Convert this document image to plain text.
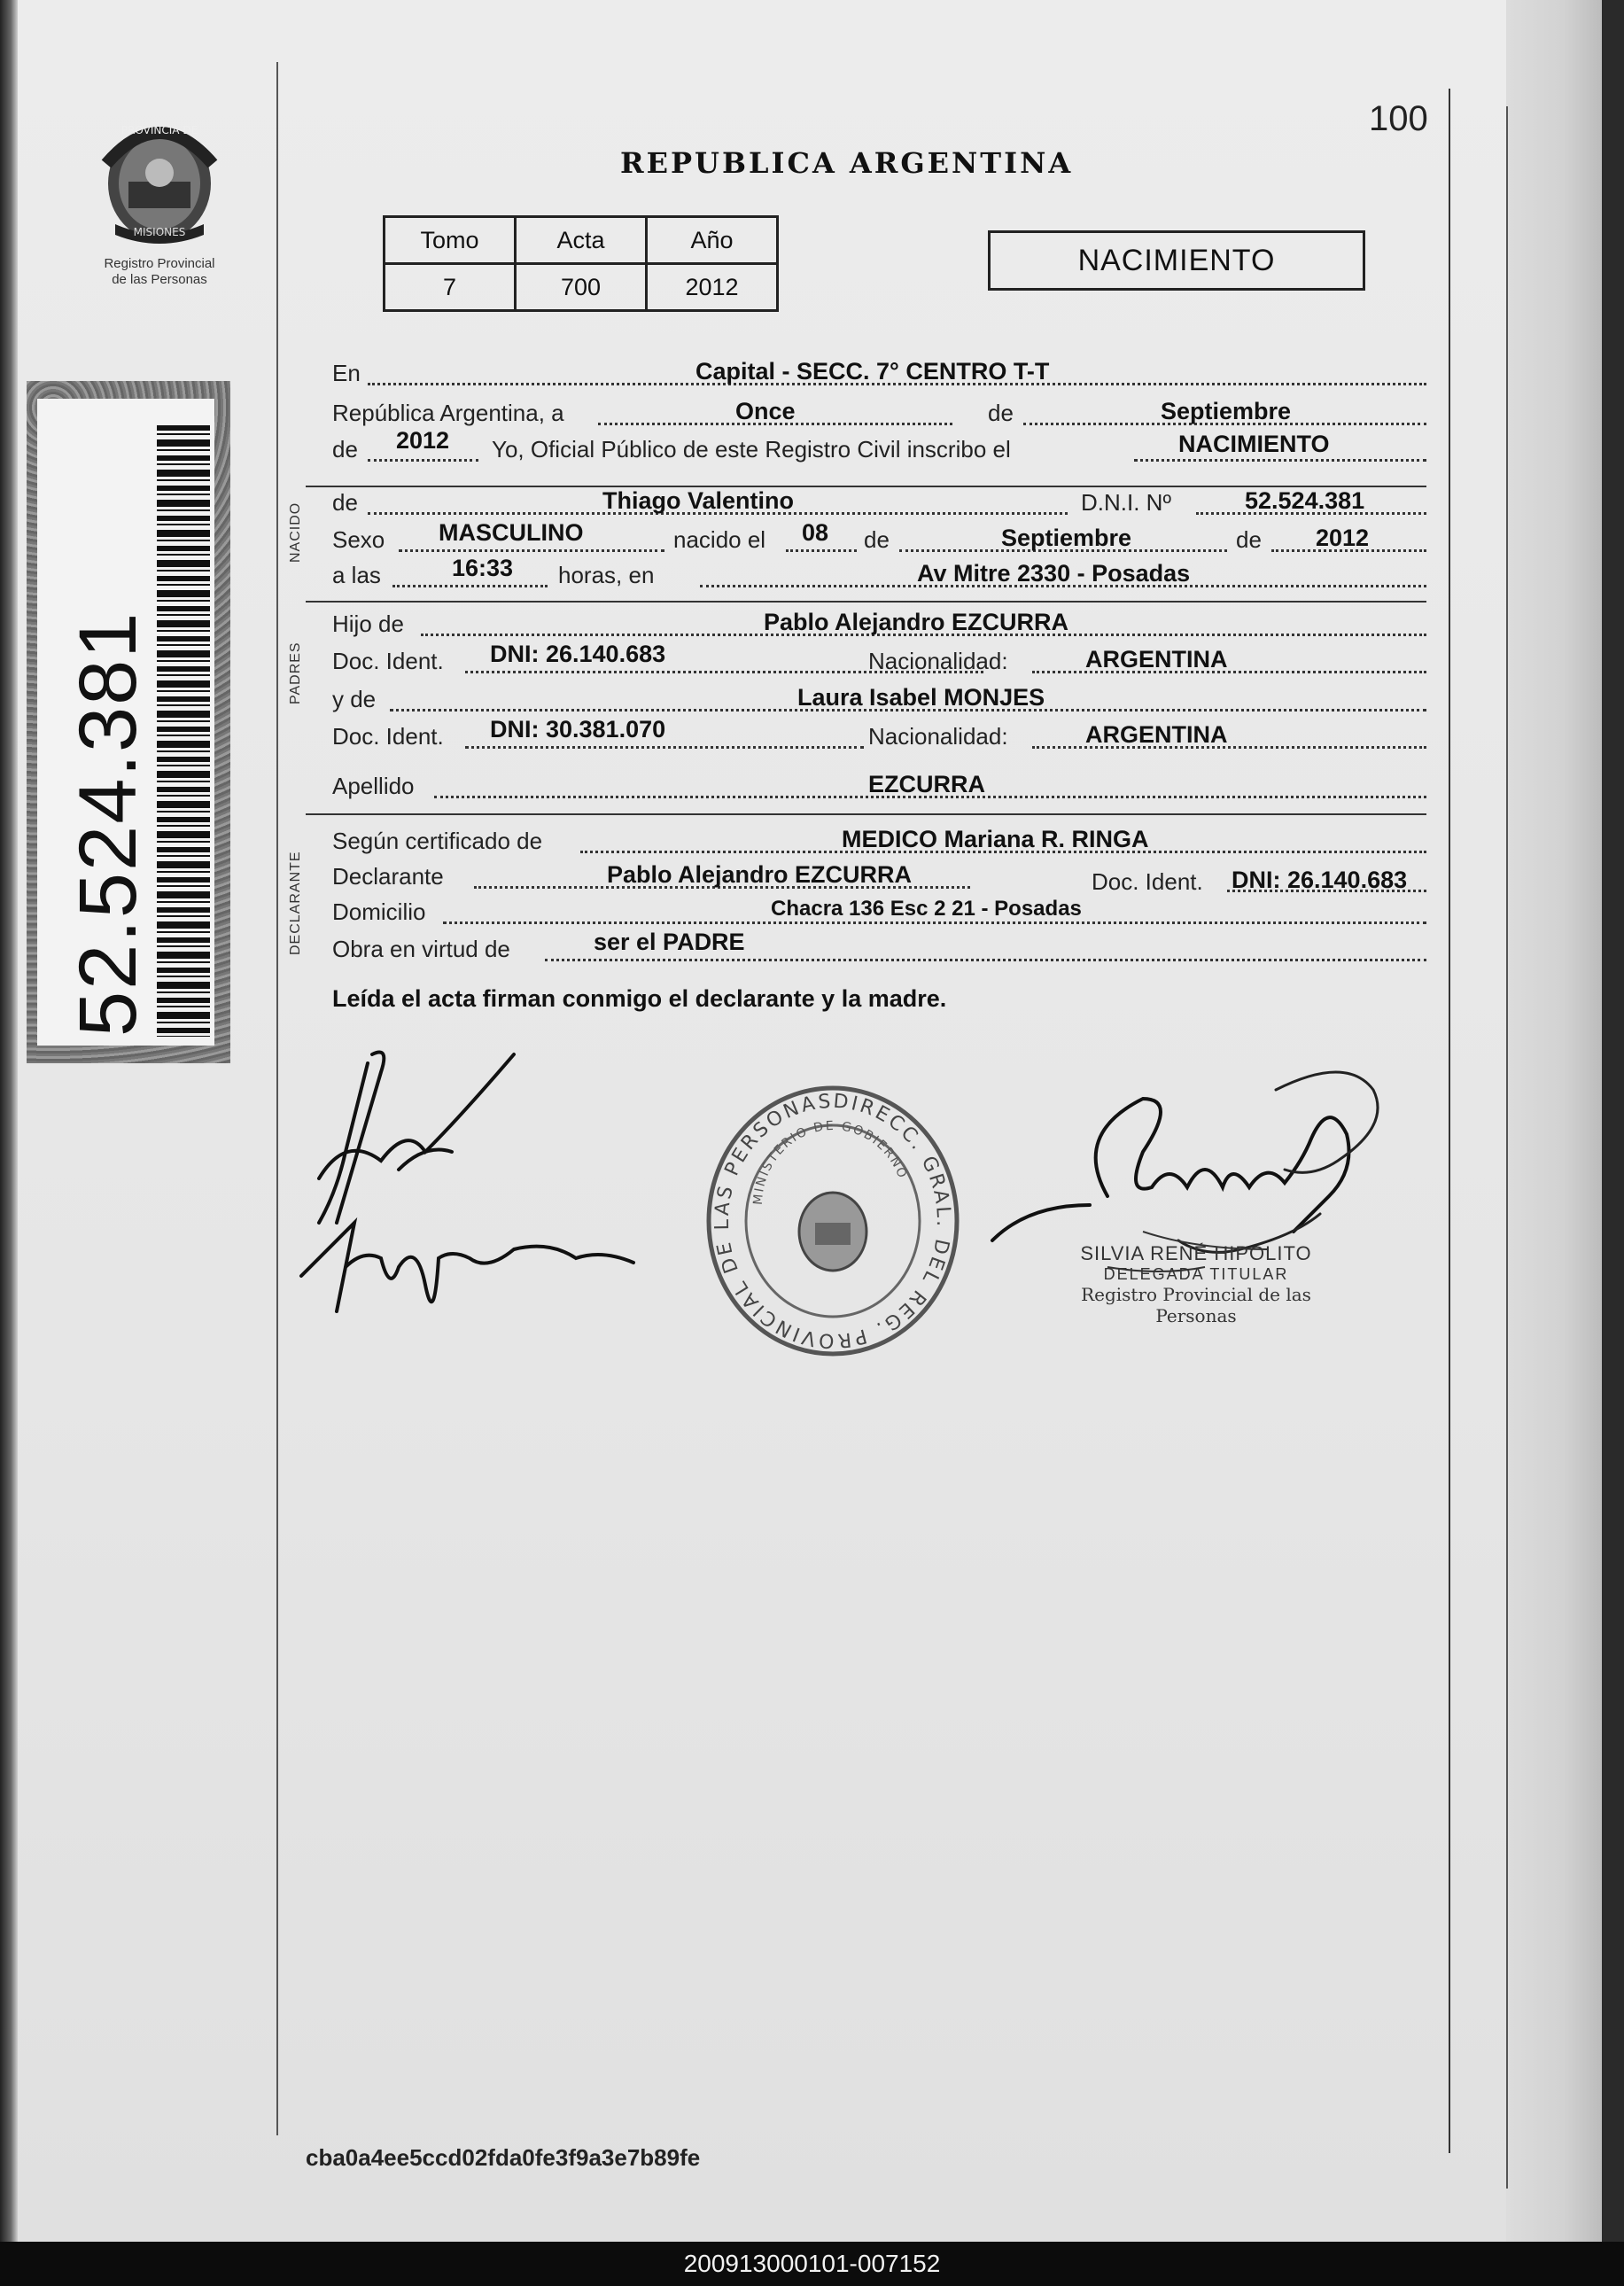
PROVINCIA DE
MISIONES
Registro Provincial
de las Personas
52.524.381
100
REPUBLICA ARGENTINA
Tomo	Acta	Año
7	700	2012
NACIMIENTO
NACIDO
PADRES
DECLARANTE
En	Capital - SECC. 7° CENTRO T-T
República Argentina, a	Once	de	Septiembre
de 2012 Yo, Oficial Público de este Registro Civil inscribo el	NACIMIENTO
de	Thiago Valentino	D.N.I. Nº	52.524.381
Sexo MASCULINO	nacido el 08 de	Septiembre	de 2012
a las	16:33 horas, en	Av Mitre 2330 - Posadas
Hijo de	Pablo Alejandro EZCURRA
Doc. Ident. DNI: 26.140.683	Nacionalidad:	ARGENTINA
y de	Laura Isabel MONJES
Doc. Ident. DNI: 30.381.070	Nacionalidad:	ARGENTINA
Apellido	EZCURRA
Según certificado de	MEDICO Mariana R. RINGA
Declarante	Pablo Alejandro EZCURRA	Doc. Ident. DNI: 26.140.683
Domicilio	Chacra 136 Esc 2 21 - Posadas
Obra en virtud de	ser el PADRE
Leída el acta firman conmigo el declarante y la madre.
DIRECC. GRAL. DEL REG. PROVINCIAL DE LAS PERSONAS
MINISTERIO DE GOBIERNO
SILVIA RENÉ HIPOLITO
DELEGADA TITULAR
Registro Provincial de las Personas
cba0a4ee5ccd02fda0fe3f9a3e7b89fe
200913000101-007152
